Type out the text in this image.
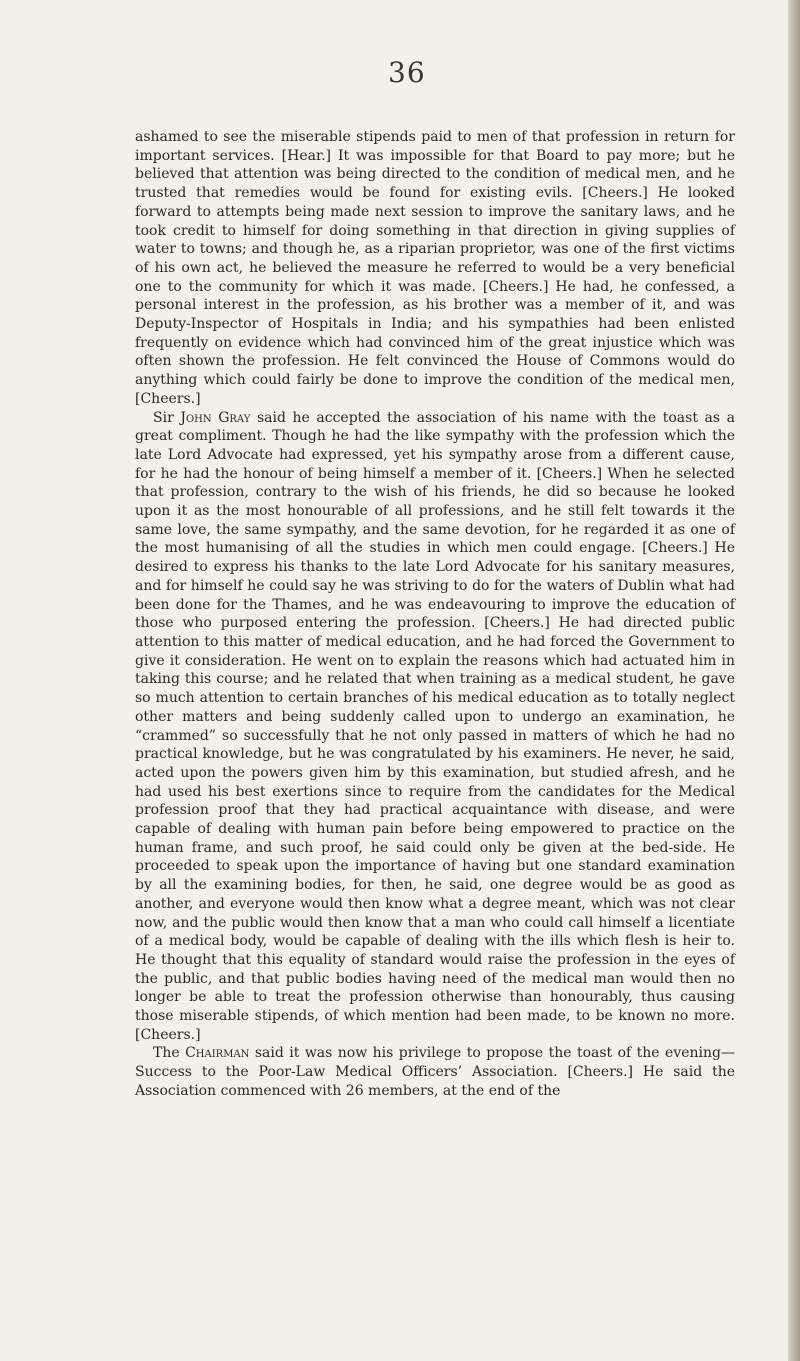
36

ashamed to see the miserable stipends paid to men of that profession in return for important services. [Hear.] It was impossible for that Board to pay more; but he believed that attention was being directed to the condition of medical men, and he trusted that remedies would be found for existing evils. [Cheers.] He looked forward to attempts being made next session to improve the sanitary laws, and he took credit to himself for doing something in that direction in giving supplies of water to towns; and though he, as a riparian proprietor, was one of the first victims of his own act, he believed the measure he referred to would be a very beneficial one to the community for which it was made. [Cheers.] He had, he confessed, a personal interest in the profession, as his brother was a member of it, and was Deputy-Inspector of Hospitals in India; and his sympathies had been enlisted frequently on evidence which had convinced him of the great injustice which was often shown the profession. He felt convinced the House of Commons would do anything which could fairly be done to improve the condition of the medical men, [Cheers.]

Sir John Gray said he accepted the association of his name with the toast as a great compliment. Though he had the like sympathy with the profession which the late Lord Advocate had expressed, yet his sympathy arose from a different cause, for he had the honour of being himself a member of it. [Cheers.] When he selected that profession, contrary to the wish of his friends, he did so because he looked upon it as the most honourable of all professions, and he still felt towards it the same love, the same sympathy, and the same devotion, for he regarded it as one of the most humanising of all the studies in which men could engage. [Cheers.] He desired to express his thanks to the late Lord Advocate for his sanitary measures, and for himself he could say he was striving to do for the waters of Dublin what had been done for the Thames, and he was endeavouring to improve the education of those who purposed entering the profession. [Cheers.] He had directed public attention to this matter of medical education, and he had forced the Government to give it consideration. He went on to explain the reasons which had actuated him in taking this course; and he related that when training as a medical student, he gave so much attention to certain branches of his medical education as to totally neglect other matters and being suddenly called upon to undergo an examination, he “crammed” so successfully that he not only passed in matters of which he had no practical knowledge, but he was congratulated by his examiners. He never, he said, acted upon the powers given him by this examination, but studied afresh, and he had used his best exertions since to require from the candidates for the Medical profession proof that they had practical acquaintance with disease, and were capable of dealing with human pain before being empowered to practice on the human frame, and such proof, he said could only be given at the bed-side. He proceeded to speak upon the importance of having but one standard examination by all the examining bodies, for then, he said, one degree would be as good as another, and everyone would then know what a degree meant, which was not clear now, and the public would then know that a man who could call himself a licentiate of a medical body, would be capable of dealing with the ills which flesh is heir to. He thought that this equality of standard would raise the profession in the eyes of the public, and that public bodies having need of the medical man would then no longer be able to treat the profession otherwise than honourably, thus causing those miserable stipends, of which mention had been made, to be known no more. [Cheers.]

The Chairman said it was now his privilege to propose the toast of the evening—Success to the Poor-Law Medical Officers’ Association. [Cheers.] He said the Association commenced with 26 members, at the end of the
